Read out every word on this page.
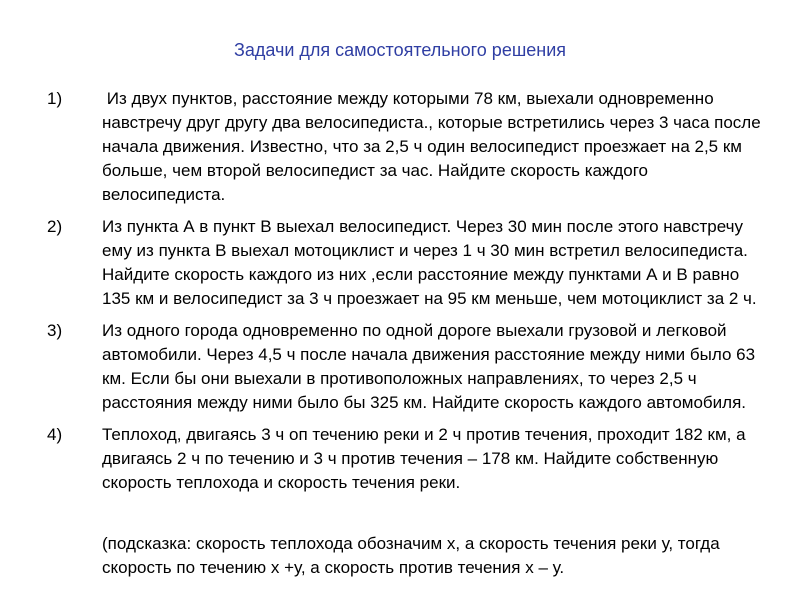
Задачи для самостоятельного решения
1)	Из двух пунктов, расстояние между которыми 78 км, выехали одновременно навстречу друг другу два велосипедиста., которые встретились через 3 часа после начала движения. Известно, что за 2,5 ч один велосипедист проезжает на 2,5 км больше, чем второй велосипедист за час. Найдите скорость каждого велосипедиста.
2)	Из пункта А в пункт В выехал велосипедист. Через 30 мин после этого навстречу ему из пункта В выехал мотоциклист и через 1 ч 30 мин встретил велосипедиста. Найдите скорость каждого из них ,если расстояние между пунктами А и В равно 135 км и велосипедист за 3 ч проезжает на 95 км меньше, чем мотоциклист за 2 ч.
3)	Из одного города одновременно по одной дороге выехали грузовой и легковой автомобили. Через 4,5 ч после начала движения расстояние между ними было 63 км. Если бы они выехали в противоположных направлениях, то через 2,5 ч расстояния между ними было бы 325 км. Найдите скорость каждого автомобиля.
4)	Теплоход, двигаясь 3 ч оп течению реки и 2 ч против течения, проходит 182 км, а двигаясь 2 ч по течению и 3 ч против течения – 178 км. Найдите собственную скорость теплохода и скорость течения реки.
(подсказка: скорость теплохода обозначим х, а скорость течения реки у, тогда скорость по течению х +у, а скорость против течения х – у.
